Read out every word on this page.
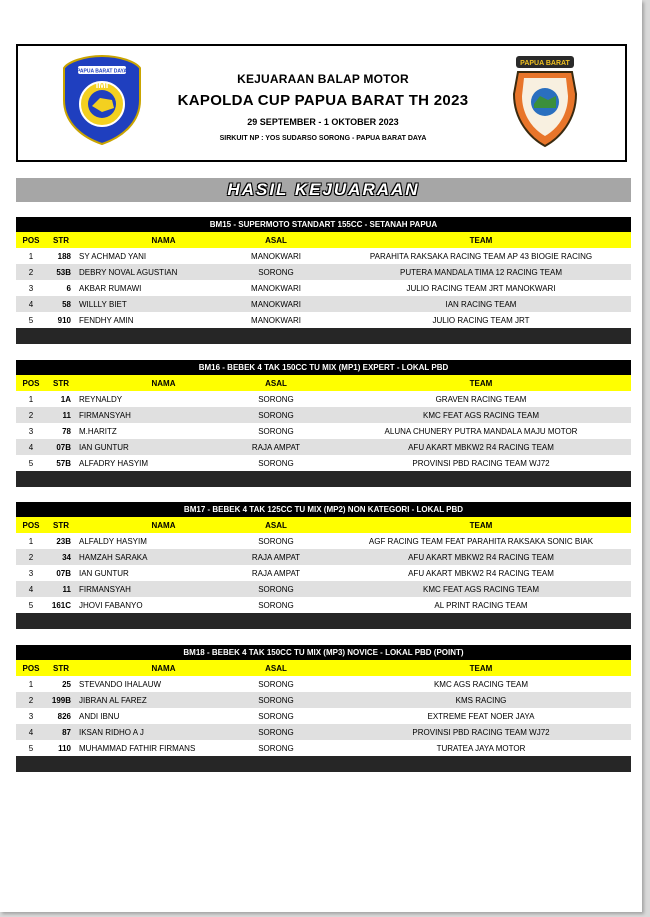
IMI
PAPUA BARAT DAYA
PAPUA BARAT
KEJUARAAN BALAP MOTOR
KAPOLDA CUP PAPUA BARAT TH 2023
29 SEPTEMBER - 1 OKTOBER 2023
SIRKUIT NP : YOS SUDARSO SORONG - PAPUA BARAT DAYA
HASIL KEJUARAAN
BM15 - SUPERMOTO STANDART 155CC - SETANAH PAPUA
POS	STR	NAMA	ASAL	TEAM
1	188	SY ACHMAD YANI	MANOKWARI	PARAHITA RAKSAKA RACING TEAM AP 43 BIOGIE RACING
2	53B	DEBRY NOVAL AGUSTIAN	SORONG	PUTERA MANDALA TIMA 12 RACING TEAM
3	6	AKBAR RUMAWI	MANOKWARI	JULIO RACING TEAM JRT MANOKWARI
4	58	WILLLY BIET	MANOKWARI	IAN RACING TEAM
5	910	FENDHY AMIN	MANOKWARI	JULIO RACING TEAM JRT
BM16 - BEBEK 4 TAK 150CC TU MIX (MP1) EXPERT - LOKAL PBD
POS	STR	NAMA	ASAL	TEAM
1	1A	REYNALDY	SORONG	GRAVEN RACING TEAM
2	11	FIRMANSYAH	SORONG	KMC FEAT AGS RACING TEAM
3	78	M.HARITZ	SORONG	ALUNA CHUNERY PUTRA MANDALA MAJU MOTOR
4	07B	IAN GUNTUR	RAJA AMPAT	AFU AKART MBKW2 R4 RACING TEAM
5	57B	ALFADRY HASYIM	SORONG	PROVINSI PBD RACING TEAM WJ72
BM17 - BEBEK 4 TAK 125CC TU MIX (MP2) NON KATEGORI - LOKAL PBD
POS	STR	NAMA	ASAL	TEAM
1	23B	ALFALDY HASYIM	SORONG	AGF RACING TEAM FEAT PARAHITA RAKSAKA SONIC BIAK
2	34	HAMZAH SARAKA	RAJA AMPAT	AFU AKART MBKW2 R4 RACING TEAM
3	07B	IAN GUNTUR	RAJA AMPAT	AFU AKART MBKW2 R4 RACING TEAM
4	11	FIRMANSYAH	SORONG	KMC FEAT AGS RACING TEAM
5	161C	JHOVI FABANYO	SORONG	AL PRINT RACING TEAM
BM18 - BEBEK 4 TAK 150CC TU MIX (MP3) NOVICE - LOKAL PBD (POINT)
POS	STR	NAMA	ASAL	TEAM
1	25	STEVANDO IHALAUW	SORONG	KMC AGS RACING TEAM
2	199B	JIBRAN AL FAREZ	SORONG	KMS RACING
3	826	ANDI IBNU	SORONG	EXTREME FEAT NOER JAYA
4	87	IKSAN RIDHO A J	SORONG	PROVINSI PBD RACING TEAM WJ72
5	110	MUHAMMAD FATHIR FIRMANS	SORONG	TURATEA JAYA MOTOR
